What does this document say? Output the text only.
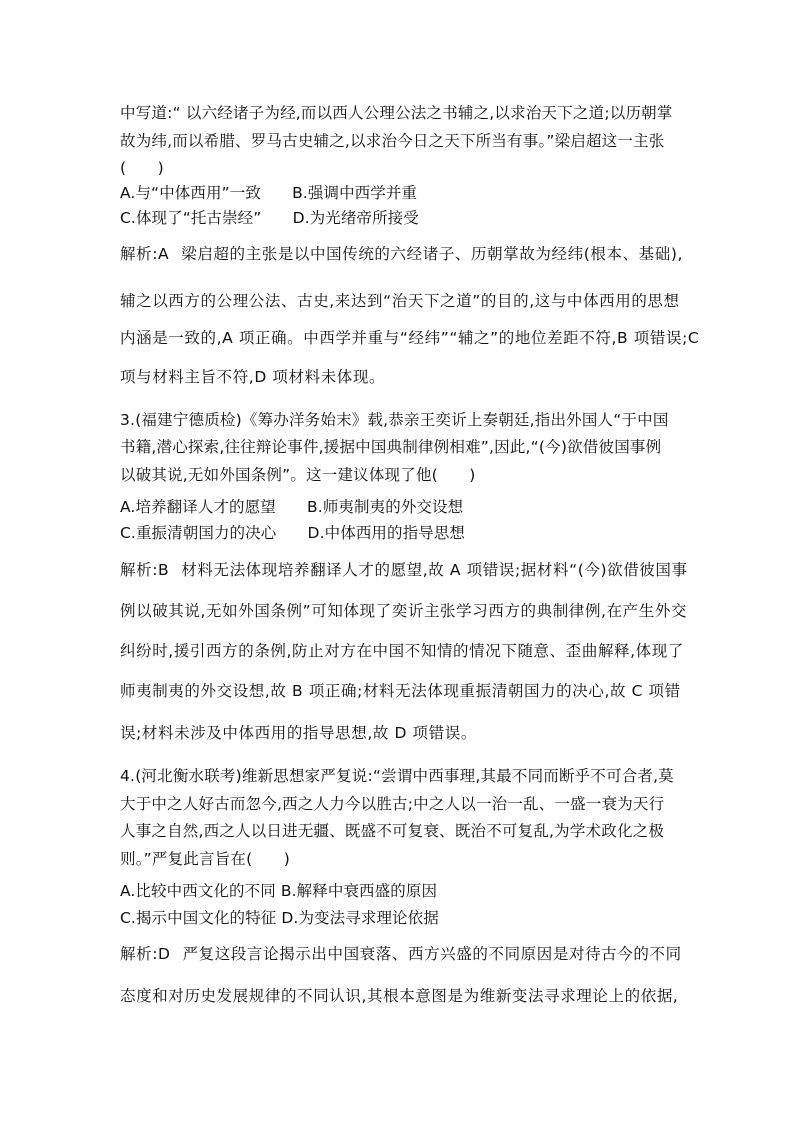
中写道:“ 以六经诸子为经,而以西人公理公法之书辅之,以求治天下之道;以历朝掌
故为纬,而以希腊、罗马古史辅之,以求治今日之天下所当有事。”梁启超这一主张
(　　)
A.与“中体西用”一致　　B.强调中西学并重
C.体现了“托古崇经”　　D.为光绪帝所接受
解析:A 梁启超的主张是以中国传统的六经诸子、历朝掌故为经纬(根本、基础),
辅之以西方的公理公法、古史,来达到“治天下之道”的目的,这与中体西用的思想
内涵是一致的,A 项正确。中西学并重与“经纬”“辅之”的地位差距不符,B 项错误;C
项与材料主旨不符,D 项材料未体现。
3.(福建宁德质检)《筹办洋务始末》载,恭亲王奕䜣上奏朝廷,指出外国人“于中国
书籍,潜心探索,往往辩论事件,援据中国典制律例相难”,因此,“(今)欲借彼国事例
以破其说,无如外国条例”。这一建议体现了他(　　)
A.培养翻译人才的愿望　　B.师夷制夷的外交设想
C.重振清朝国力的决心　　D.中体西用的指导思想
解析:B 材料无法体现培养翻译人才的愿望,故 A 项错误;据材料“(今)欲借彼国事
例以破其说,无如外国条例”可知体现了奕䜣主张学习西方的典制律例,在产生外交
纠纷时,援引西方的条例,防止对方在中国不知情的情况下随意、歪曲解释,体现了
师夷制夷的外交设想,故 B 项正确;材料无法体现重振清朝国力的决心,故 C 项错
误;材料未涉及中体西用的指导思想,故 D 项错误。
4.(河北衡水联考)维新思想家严复说:“尝谓中西事理,其最不同而断乎不可合者,莫
大于中之人好古而忽今,西之人力今以胜古;中之人以一治一乱、一盛一衰为天行
人事之自然,西之人以日进无疆、既盛不可复衰、既治不可复乱,为学术政化之极
则。”严复此言旨在(　　)
A.比较中西文化的不同 B.解释中衰西盛的原因
C.揭示中国文化的特征 D.为变法寻求理论依据
解析:D 严复这段言论揭示出中国衰落、西方兴盛的不同原因是对待古今的不同
态度和对历史发展规律的不同认识,其根本意图是为维新变法寻求理论上的依据,
